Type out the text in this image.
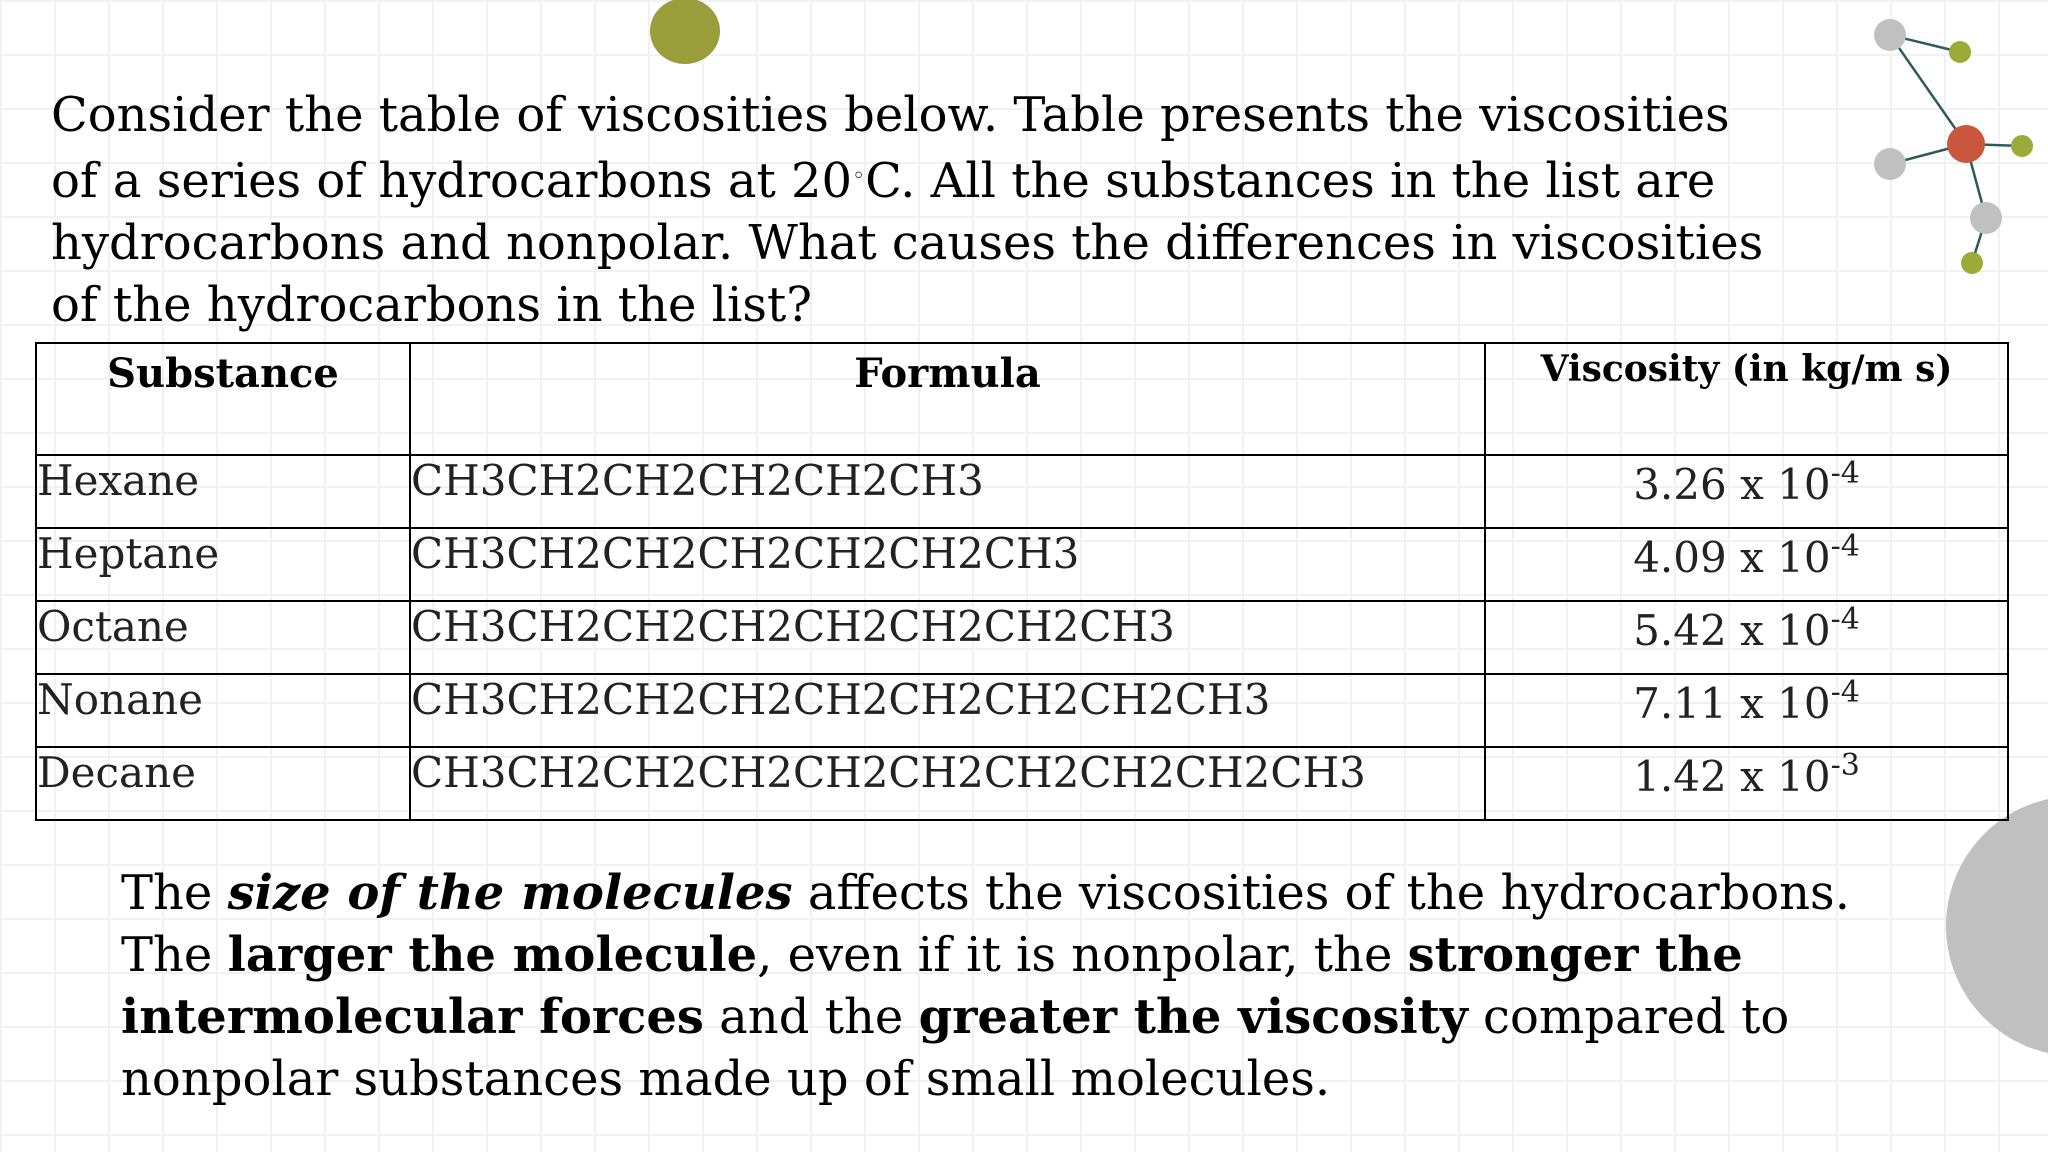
Consider the table of viscosities below. Table presents the viscosities
of a series of hydrocarbons at 20◦C. All the substances in the list are
hydrocarbons and nonpolar. What causes the differences in viscosities
of the hydrocarbons in the list?

Substance	Formula	Viscosity (in kg/m s)
Hexane	CH3CH2CH2CH2CH2CH3	3.26 x $10^{-4}$
Heptane	CH3CH2CH2CH2CH2CH2CH3	4.09 x $10^{-4}$
Octane	CH3CH2CH2CH2CH2CH2CH2CH3	5.42 x $10^{-4}$
Nonane	CH3CH2CH2CH2CH2CH2CH2CH2CH3	7.11 x $10^{-4}$
Decane	CH3CH2CH2CH2CH2CH2CH2CH2CH2CH3	1.42 x $10^{-3}$

The size of the molecules affects the viscosities of the hydrocarbons.
The larger the molecule, even if it is nonpolar, the stronger the
intermolecular forces and the greater the viscosity compared to
nonpolar substances made up of small molecules.
